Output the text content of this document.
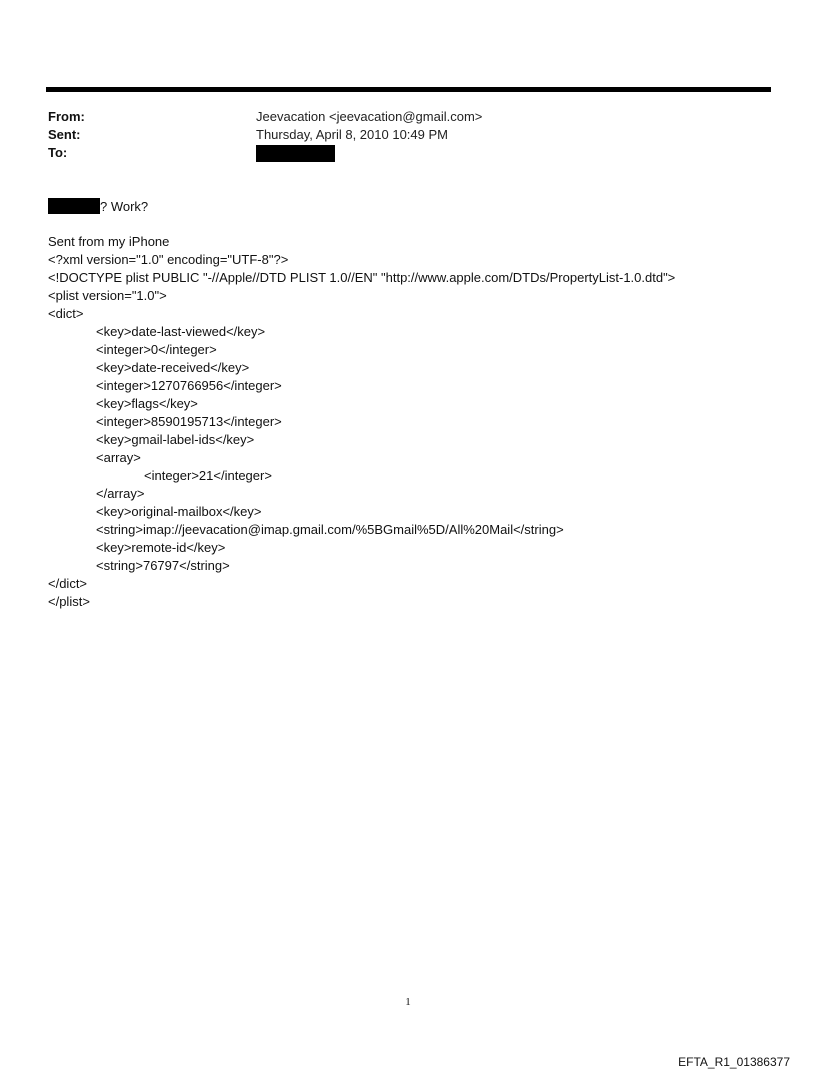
From:	Jeevacation <jeevacation@gmail.com>
Sent:	Thursday, April 8, 2010 10:49 PM
To:
? Work?
Sent from my iPhone
<?xml version="1.0" encoding="UTF-8"?>
<!DOCTYPE plist PUBLIC "-//Apple//DTD PLIST 1.0//EN" "http://www.apple.com/DTDs/PropertyList-1.0.dtd">
<plist version="1.0">
<dict>
<key>date-last-viewed</key>
<integer>0</integer>
<key>date-received</key>
<integer>1270766956</integer>
<key>flags</key>
<integer>8590195713</integer>
<key>gmail-label-ids</key>
<array>
<integer>21</integer>
</array>
<key>original-mailbox</key>
<string>imap://jeevacation@imap.gmail.com/%5BGmail%5D/All%20Mail</string>
<key>remote-id</key>
<string>76797</string>
</dict>
</plist>
1
EFTA_R1_01386377
